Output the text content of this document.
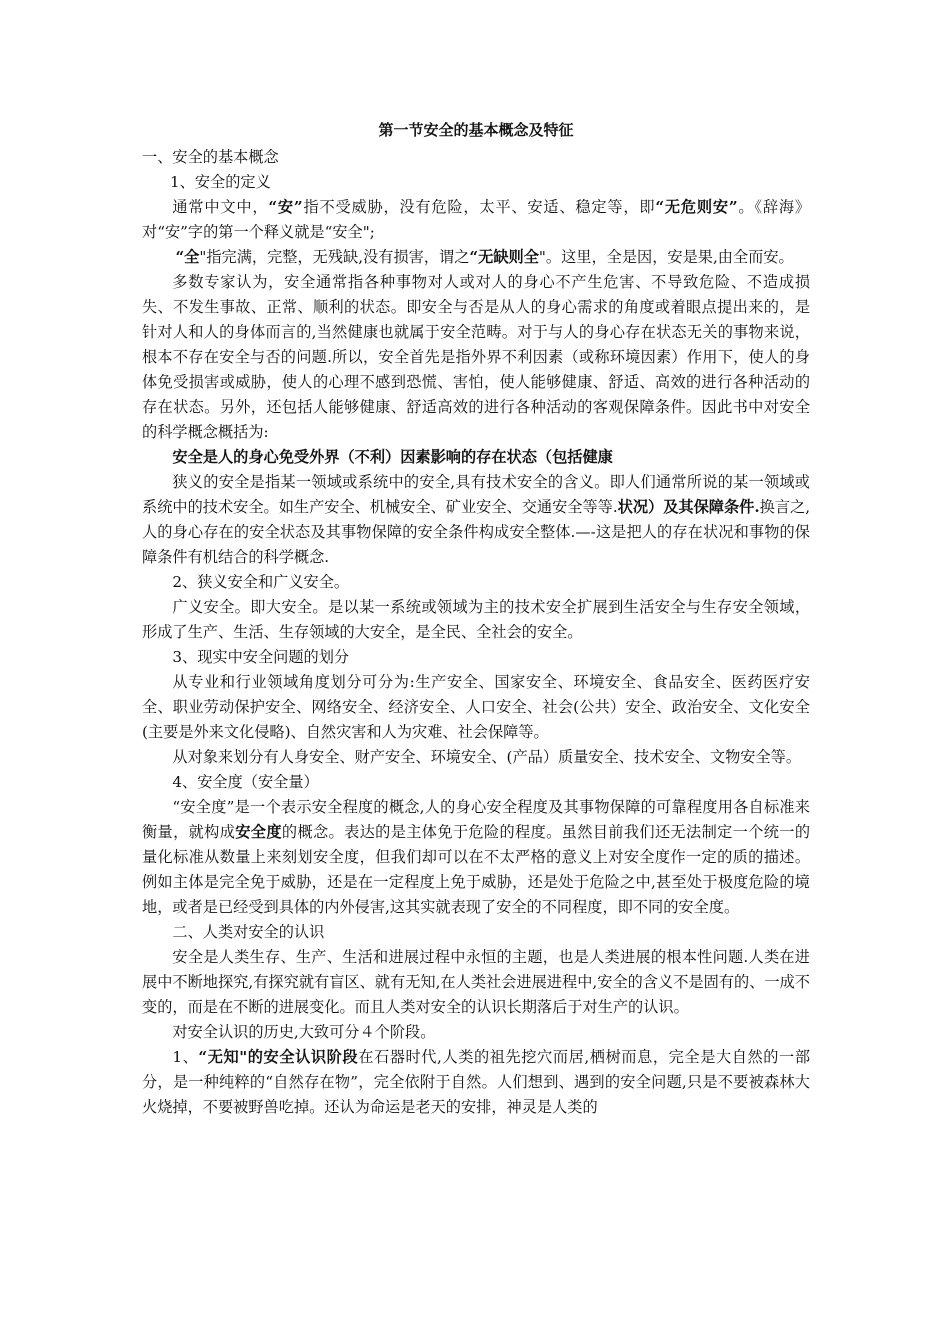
第一节安全的基本概念及特征

一、安全的基本概念

1、安全的定义

通常中文中，“安”指不受威胁，没有危险，太平、安适、稳定等，即“无危则安”。《辞海》对“安”字的第一个释义就是“安全";

“全"指完满，完整，无残缺,没有损害，谓之“无缺则全"。这里，全是因，安是果,由全而安。

多数专家认为，安全通常指各种事物对人或对人的身心不产生危害、不导致危险、不造成损失、不发生事故、正常、顺利的状态。即安全与否是从人的身心需求的角度或着眼点提出来的，是针对人和人的身体而言的,当然健康也就属于安全范畴。对于与人的身心存在状态无关的事物来说，根本不存在安全与否的问题.所以，安全首先是指外界不利因素（或称环境因素）作用下，使人的身体免受损害或威胁，使人的心理不感到恐慌、害怕，使人能够健康、舒适、高效的进行各种活动的存在状态。另外，还包括人能够健康、舒适高效的进行各种活动的客观保障条件。因此书中对安全的科学概念概括为:

安全是人的身心免受外界（不利）因素影响的存在状态（包括健康

狭义的安全是指某一领域或系统中的安全,具有技术安全的含义。即人们通常所说的某一领域或系统中的技术安全。如生产安全、机械安全、矿业安全、交通安全等等.状况）及其保障条件.换言之,人的身心存在的安全状态及其事物保障的安全条件构成安全整体.—-这是把人的存在状况和事物的保障条件有机结合的科学概念.

2、狭义安全和广义安全。

广义安全。即大安全。是以某一系统或领域为主的技术安全扩展到生活安全与生存安全领域，形成了生产、生活、生存领域的大安全，是全民、全社会的安全。

3、现实中安全问题的划分

从专业和行业领域角度划分可分为:生产安全、国家安全、环境安全、食品安全、医药医疗安全、职业劳动保护安全、网络安全、经济安全、人口安全、社会(公共）安全、政治安全、文化安全(主要是外来文化侵略)、自然灾害和人为灾难、社会保障等。

从对象来划分有人身安全、财产安全、环境安全、(产品）质量安全、技术安全、文物安全等。

4、安全度（安全量）

“安全度”是一个表示安全程度的概念,人的身心安全程度及其事物保障的可靠程度用各自标准来衡量，就构成安全度的概念。表达的是主体免于危险的程度。虽然目前我们还无法制定一个统一的量化标准从数量上来刻划安全度，但我们却可以在不太严格的意义上对安全度作一定的质的描述。例如主体是完全免于威胁，还是在一定程度上免于威胁，还是处于危险之中,甚至处于极度危险的境地，或者是已经受到具体的内外侵害,这其实就表现了安全的不同程度，即不同的安全度。

二、人类对安全的认识

安全是人类生存、生产、生活和进展过程中永恒的主题，也是人类进展的根本性问题.人类在进展中不断地探究,有探究就有盲区、就有无知,在人类社会进展进程中,安全的含义不是固有的、一成不变的，而是在不断的进展变化。而且人类对安全的认识长期落后于对生产的认识。

对安全认识的历史,大致可分４个阶段。

1、“无知"的安全认识阶段在石器时代,人类的祖先挖穴而居,栖树而息，完全是大自然的一部分，是一种纯粹的“自然存在物”，完全依附于自然。人们想到、遇到的安全问题,只是不要被森林大火烧掉，不要被野兽吃掉。还认为命运是老天的安排，神灵是人类的
